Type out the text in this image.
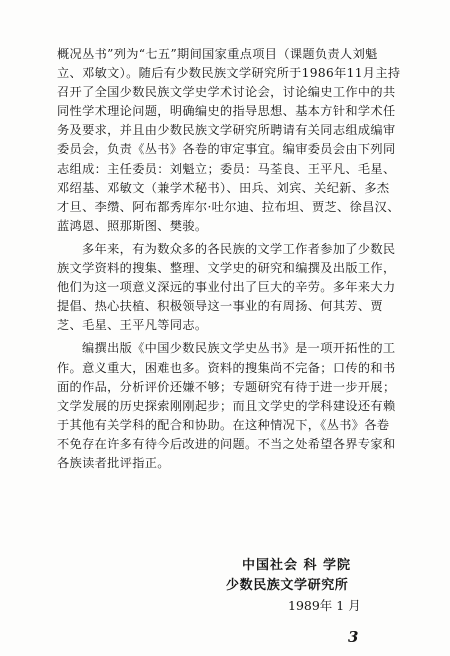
概况丛书”列为“七五”期间国家重点项目（课题负责人刘魁
立、邓敏文）。随后有少数民族文学研究所于1986年11月主持
召开了全国少数民族文学史学术讨论会，讨论编史工作中的共
同性学术理论问题，明确编史的指导思想、基本方针和学术任
务及要求，并且由少数民族文学研究所聘请有关同志组成编审
委员会，负责《丛书》各卷的审定事宜。编审委员会由下列同
志组成：主任委员：刘魁立；委员：马荃良、王平凡、毛星、
邓绍基、邓敏文（兼学术秘书）、田兵、刘宾、关纪新、多杰
才旦、李缵、阿布都秀库尔·吐尔迪、拉布坦、贾芝、徐昌汉、
蓝鸿恩、照那斯图、樊骏。
多年来，有为数众多的各民族的文学工作者参加了少数民
族文学资料的搜集、整理、文学史的研究和编撰及出版工作，
他们为这一项意义深远的事业付出了巨大的辛劳。多年来大力
提倡、热心扶植、积极领导这一事业的有周扬、何其芳、贾
芝、毛星、王平凡等同志。
编撰出版《中国少数民族文学史丛书》是一项开拓性的工
作。意义重大，困难也多。资料的搜集尚不完备；口传的和书
面的作品，分析评价还嫌不够；专题研究有待于进一步开展；
文学发展的历史探索刚刚起步；而且文学史的学科建设还有赖
于其他有关学科的配合和协助。在这种情况下，《丛书》各卷
不免存在许多有待今后改进的问题。不当之处希望各界专家和
各族读者批评指正。
中国社会 科 学院
少数民族文学研究所
1989年 1 月
3
